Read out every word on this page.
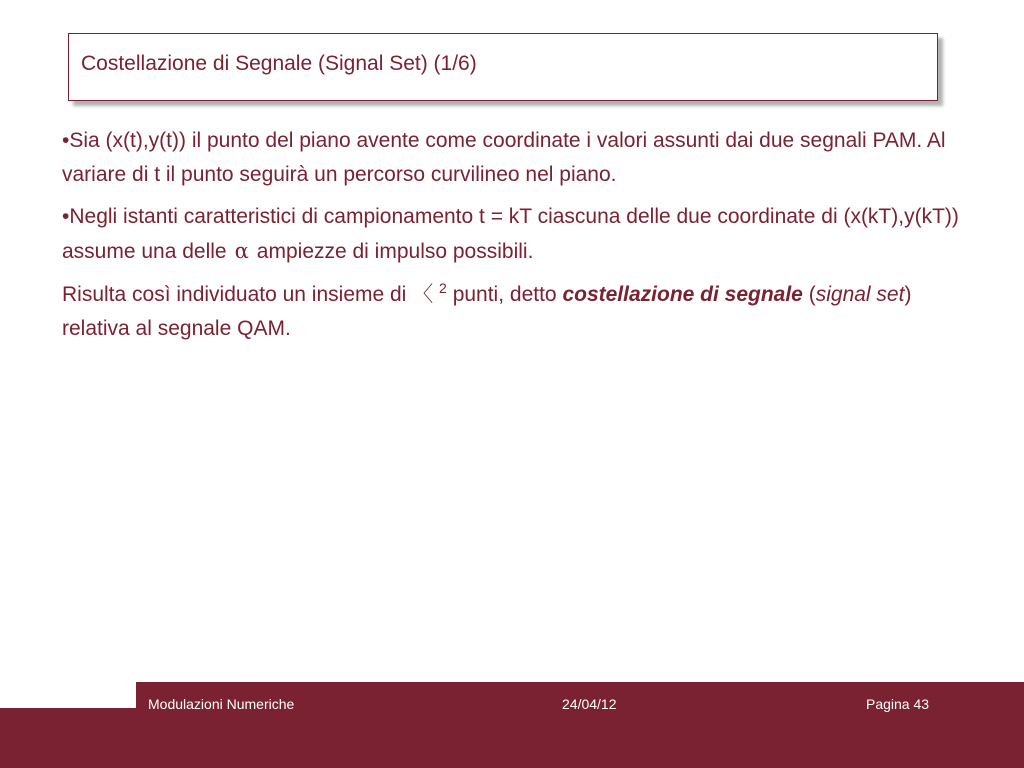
Costellazione di Segnale (Signal Set) (1/6)

•Sia (x(t),y(t)) il punto del piano avente come coordinate i valori assunti dai due segnali PAM. Al variare di t il punto seguirà un percorso curvilineo nel piano.

•Negli istanti caratteristici di campionamento t = kT ciascuna delle due coordinate di (x(kT),y(kT)) assume una delle α ampiezze di impulso possibili.

Risulta così individuato un insieme di 〈 $^2$ punti, detto costellazione di segnale (signal set) relativa al segnale QAM.

Modulazioni Numeriche	24/04/12	Pagina 43
